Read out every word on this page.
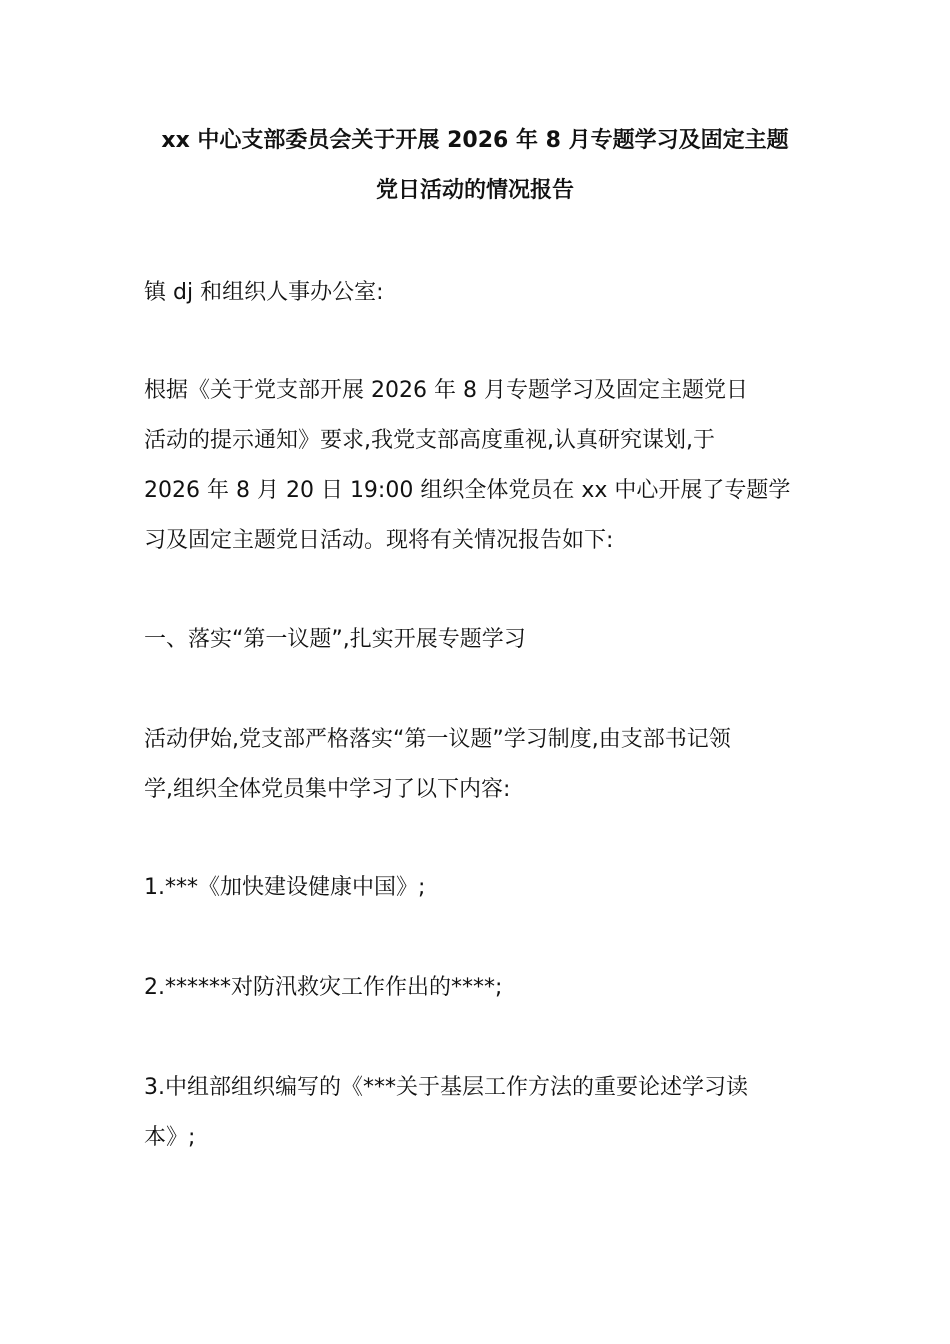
xx 中心支部委员会关于开展 2026 年 8 月专题学习及固定主题
党日活动的情况报告
镇 dj 和组织人事办公室:
根据《关于党支部开展 2026 年 8 月专题学习及固定主题党日
活动的提示通知》要求,我党支部高度重视,认真研究谋划,于
2026 年 8 月 20 日 19:00 组织全体党员在 xx 中心开展了专题学
习及固定主题党日活动。现将有关情况报告如下:
一、落实“第一议题”,扎实开展专题学习
活动伊始,党支部严格落实“第一议题”学习制度,由支部书记领
学,组织全体党员集中学习了以下内容:
1.***《加快建设健康中国》;
2.******对防汛救灾工作作出的****;
3.中组部组织编写的《***关于基层工作方法的重要论述学习读
本》;
